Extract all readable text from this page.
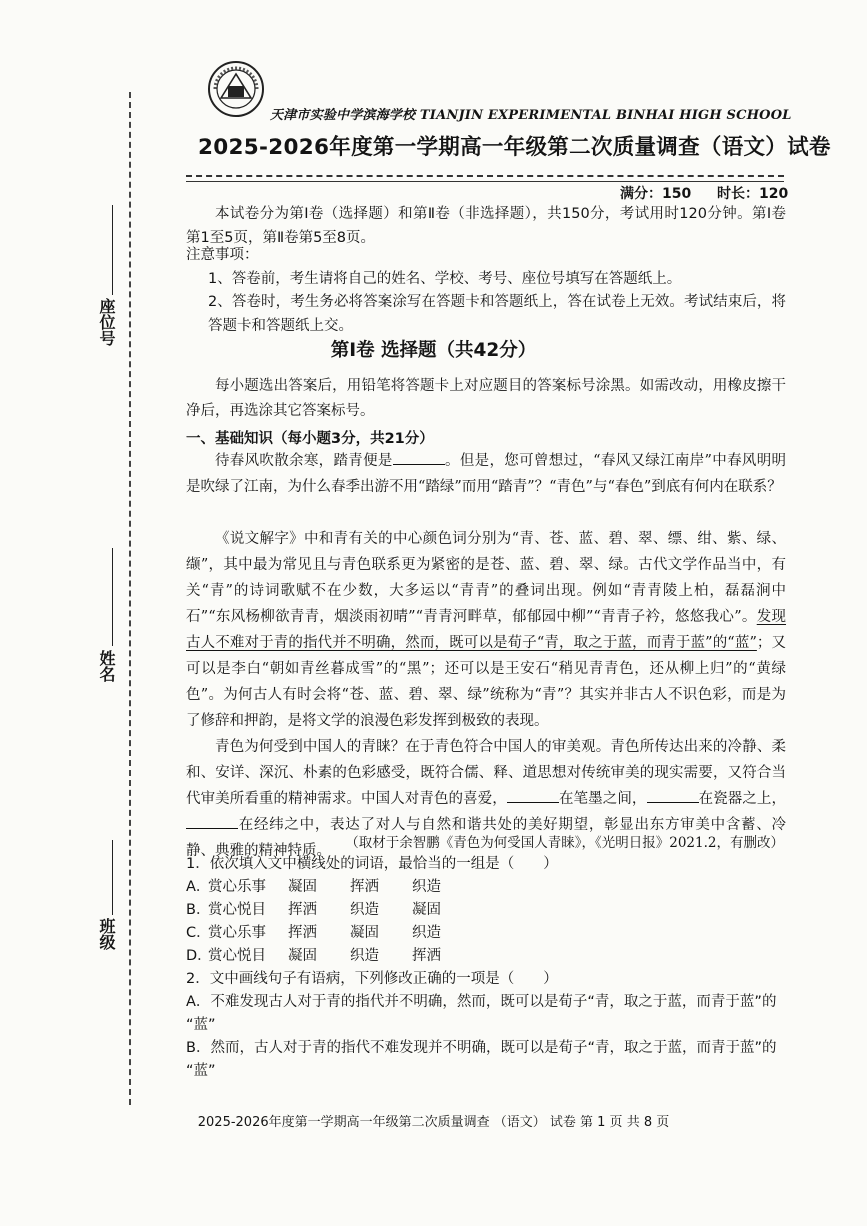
座位号
姓名
班级
天津市实验中学滨海学校 TIANJIN EXPERIMENTAL BINHAI HIGH SCHOOL
2025-2026年度第一学期高一年级第二次质量调查（语文）试卷
满分：150 时长：120
本试卷分为第Ⅰ卷（选择题）和第Ⅱ卷（非选择题），共150分，考试用时120分钟。第Ⅰ卷第1至5页，第Ⅱ卷第5至8页。
注意事项：
1、答卷前，考生请将自己的姓名、学校、考号、座位号填写在答题纸上。
2、答卷时，考生务必将答案涂写在答题卡和答题纸上，答在试卷上无效。考试结束后，将答题卡和答题纸上交。
第Ⅰ卷 选择题（共42分）
每小题选出答案后，用铅笔将答题卡上对应题目的答案标号涂黑。如需改动，用橡皮擦干净后，再选涂其它答案标号。
一、基础知识（每小题3分，共21分）
待春风吹散余寒，踏青便是	。但是，您可曾想过，“春风又绿江南岸”中春风明明是吹绿了江南，为什么春季出游不用“踏绿”而用“踏青”？“青色”与“春色”到底有何内在联系？
《说文解字》中和青有关的中心颜色词分别为“青、苍、蓝、碧、翠、缥、绀、紫、绿、缬”，其中最为常见且与青色联系更为紧密的是苍、蓝、碧、翠、绿。古代文学作品当中，有关“青”的诗词歌赋不在少数，大多运以“青青”的叠词出现。例如“青青陵上柏，磊磊涧中石”“东风杨柳欲青青，烟淡雨初晴”“青青河畔草，郁郁园中柳”“青青子衿，悠悠我心”。发现古人不难对于青的指代并不明确，然而，既可以是荀子“青，取之于蓝，而青于蓝”的“蓝”；又可以是李白“朝如青丝暮成雪”的“黑”；还可以是王安石“稍见青青色，还从柳上归”的“黄绿色”。为何古人有时会将“苍、蓝、碧、翠、绿”统称为“青”？其实并非古人不识色彩，而是为了修辞和押韵，是将文学的浪漫色彩发挥到极致的表现。
青色为何受到中国人的青睐？在于青色符合中国人的审美观。青色所传达出来的冷静、柔和、安详、深沉、朴素的色彩感受，既符合儒、释、道思想对传统审美的现实需要，又符合当代审美所看重的精神需求。中国人对青色的喜爱，	在笔墨之间，	在瓷器之上，在经纬之中，表达了对人与自然和谐共处的美好期望，彰显出东方审美中含蓄、冷静、典雅的精神特质。	（取材于余智鹏《青色为何受国人青睐》，《光明日报》2021.2，有删改）
1．依次填入文中横线处的词语，最恰当的一组是（　　）
A．赏心乐事 凝固 挥洒 织造
B．赏心悦目 挥洒 织造 凝固
C．赏心乐事 挥洒 凝固 织造
D．赏心悦目 凝固 织造 挥洒
2．文中画线句子有语病，下列修改正确的一项是（　　）
A．不难发现古人对于青的指代并不明确，然而，既可以是荀子“青，取之于蓝，而青于蓝”的
“蓝”
B．然而，古人对于青的指代不难发现并不明确，既可以是荀子“青，取之于蓝，而青于蓝”的
“蓝”
2025-2026年度第一学期高一年级第二次质量调查 （语文） 试卷 第 1 页 共 8 页
